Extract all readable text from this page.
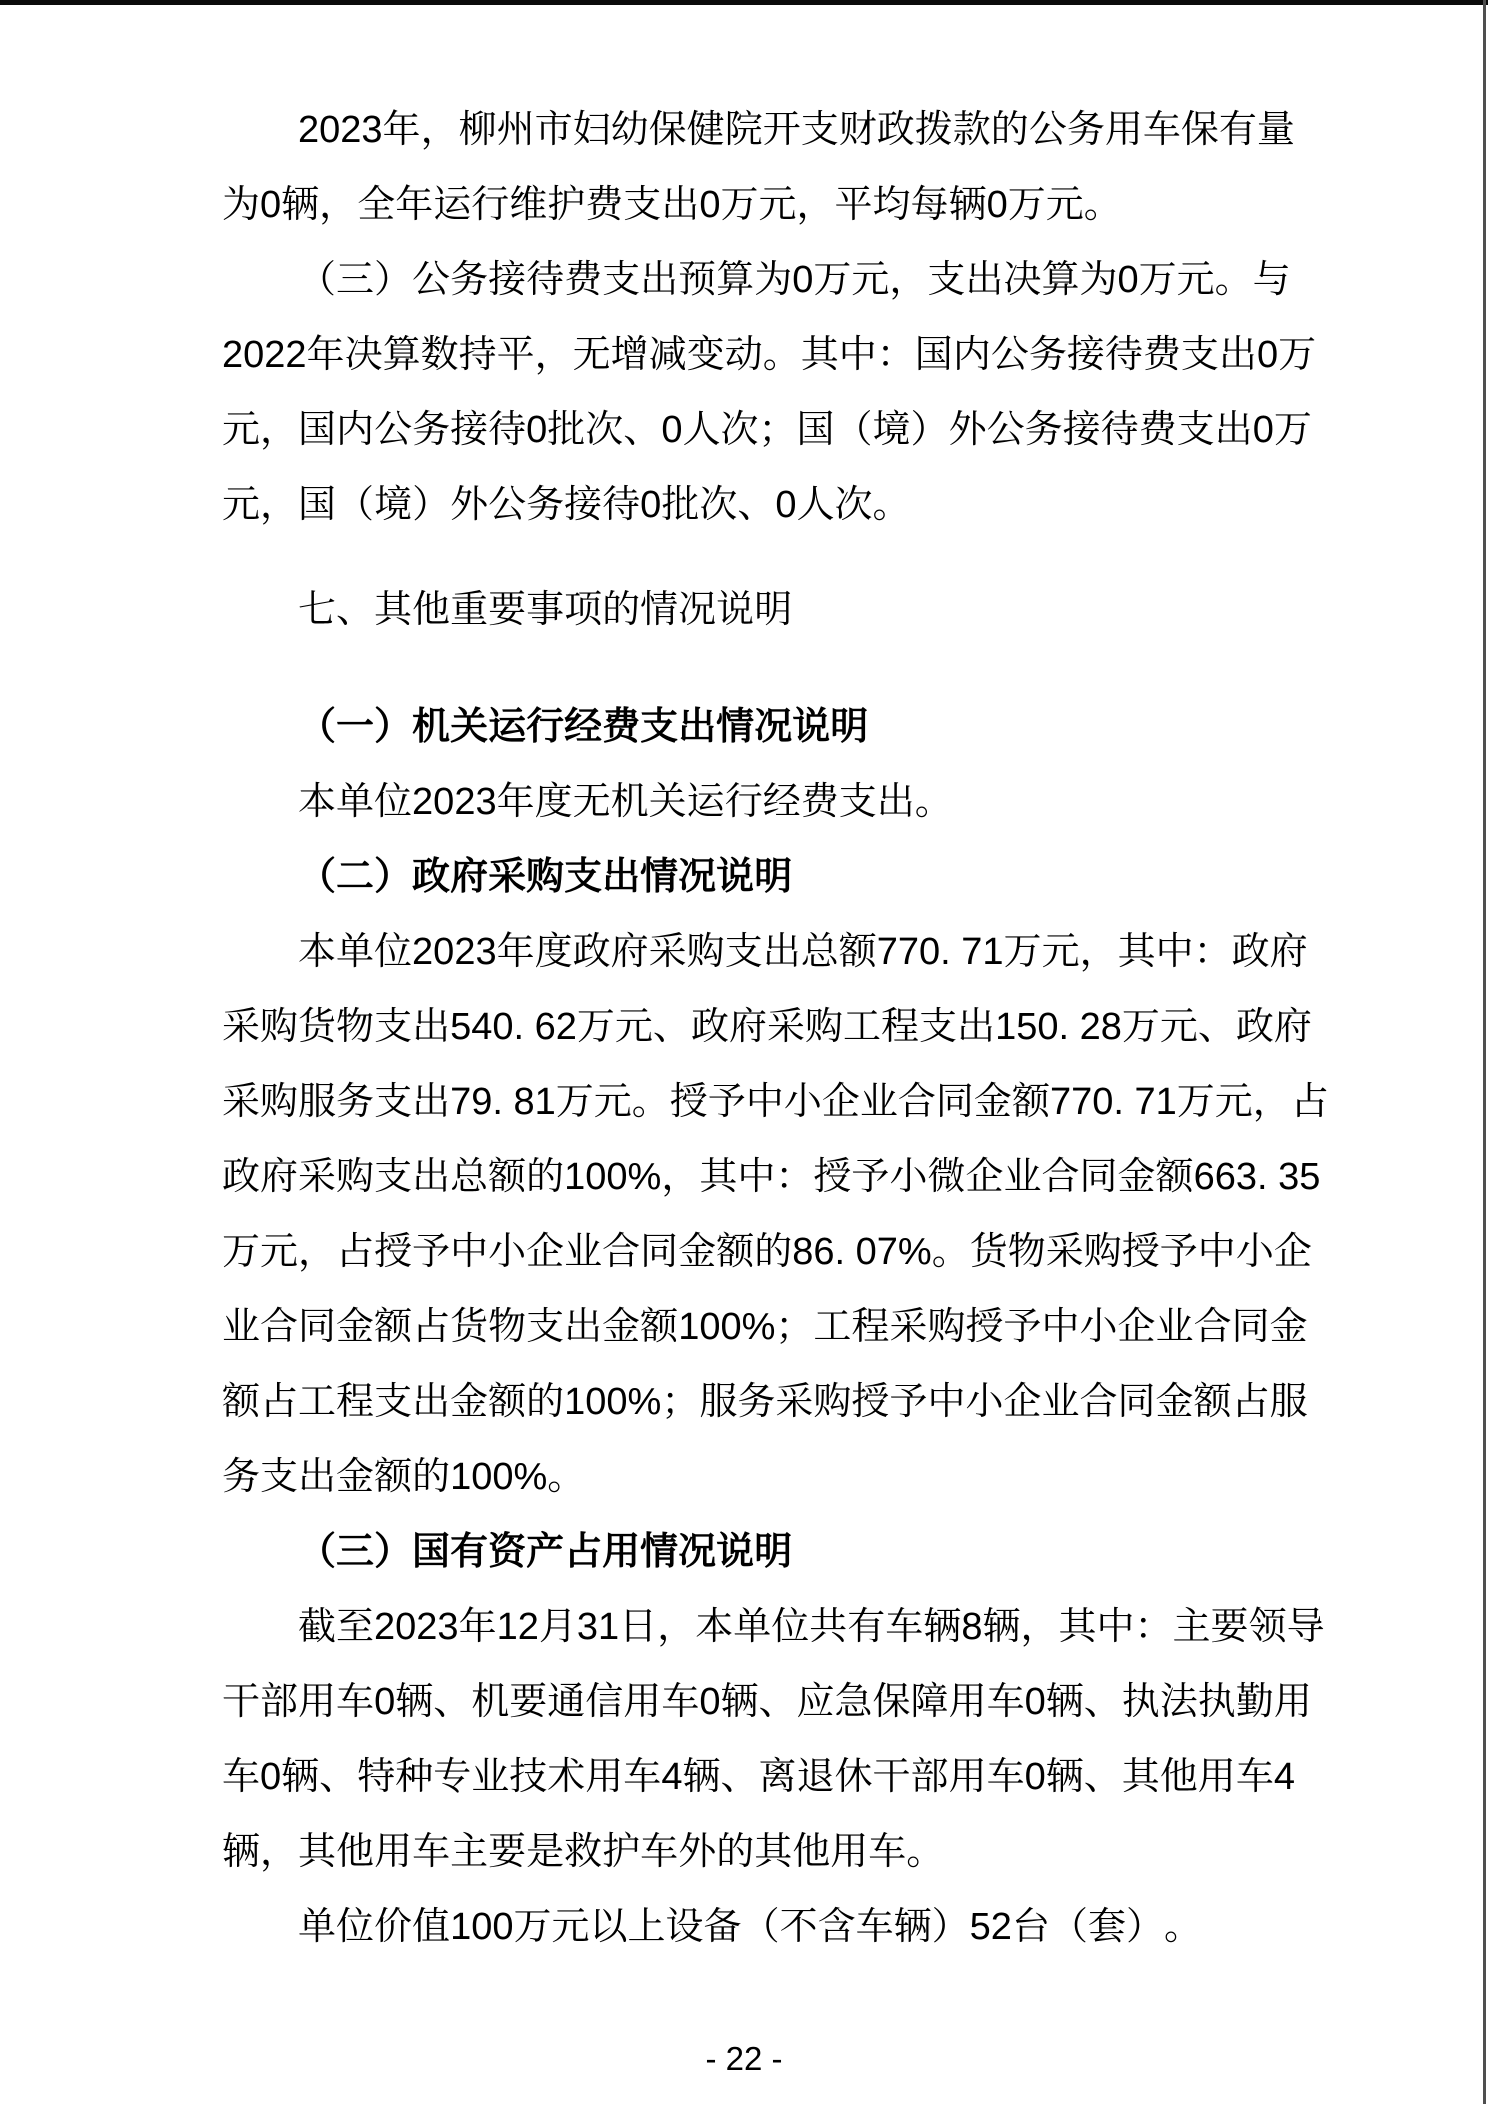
2023 年 ， 柳 州 市 妇 幼 保 健 院 开 支 财 政 拨 款 的 公 务 用 车 保 有 量
为 0 辆 ， 全 年 运 行 维 护 费 支 出 0 万 元 ， 平 均 每 辆 0 万 元 。
（ 三 ） 公 务 接 待 费 支 出 预 算 为 0 万 元 ， 支 出 决 算 为 0 万 元 。 与
2022 年 决 算 数 持 平 ， 无 增 减 变 动 。 其 中 ： 国 内 公 务 接 待 费 支 出 0 万
元 ， 国 内 公 务 接 待 0 批 次 、 0 人 次 ； 国 （ 境 ） 外 公 务 接 待 费 支 出 0 万
元 ， 国 （ 境 ） 外 公 务 接 待 0 批 次 、 0 人 次 。
七 、 其 他 重 要 事 项 的 情 况 说 明
（ 一 ） 机 关 运 行 经 费 支 出 情 况 说 明
本 单 位 2023 年 度 无 机 关 运 行 经 费 支 出 。
（ 二 ） 政 府 采 购 支 出 情 况 说 明
本 单 位 2023 年 度 政 府 采 购 支 出 总 额 770. 71 万 元 ， 其 中 ： 政 府
采 购 货 物 支 出 540. 62 万 元 、 政 府 采 购 工 程 支 出 150. 28 万 元 、 政 府
采 购 服 务 支 出 79. 81 万 元 。 授 予 中 小 企 业 合 同 金 额 770. 71 万 元 ， 占
政 府 采 购 支 出 总 额 的 100% ， 其 中 ： 授 予 小 微 企 业 合 同 金 额 663. 35
万 元 ， 占 授 予 中 小 企 业 合 同 金 额 的 86. 07% 。 货 物 采 购 授 予 中 小 企
业 合 同 金 额 占 货 物 支 出 金 额 100% ； 工 程 采 购 授 予 中 小 企 业 合 同 金
额 占 工 程 支 出 金 额 的 100% ； 服 务 采 购 授 予 中 小 企 业 合 同 金 额 占 服
务 支 出 金 额 的 100% 。
（ 三 ） 国 有 资 产 占 用 情 况 说 明
截 至 2023 年 12 月 31 日 ， 本 单 位 共 有 车 辆 8 辆 ， 其 中 ： 主 要 领 导
干 部 用 车 0 辆 、 机 要 通 信 用 车 0 辆 、 应 急 保 障 用 车 0 辆 、 执 法 执 勤 用
车 0 辆 、 特 种 专 业 技 术 用 车 4 辆 、 离 退 休 干 部 用 车 0 辆 、 其 他 用 车 4
辆 ， 其 他 用 车 主 要 是 救 护 车 外 的 其 他 用 车 。
单 位 价 值 100 万 元 以 上 设 备 （ 不 含 车 辆 ） 52 台 （ 套 ） 。
- 22 -
